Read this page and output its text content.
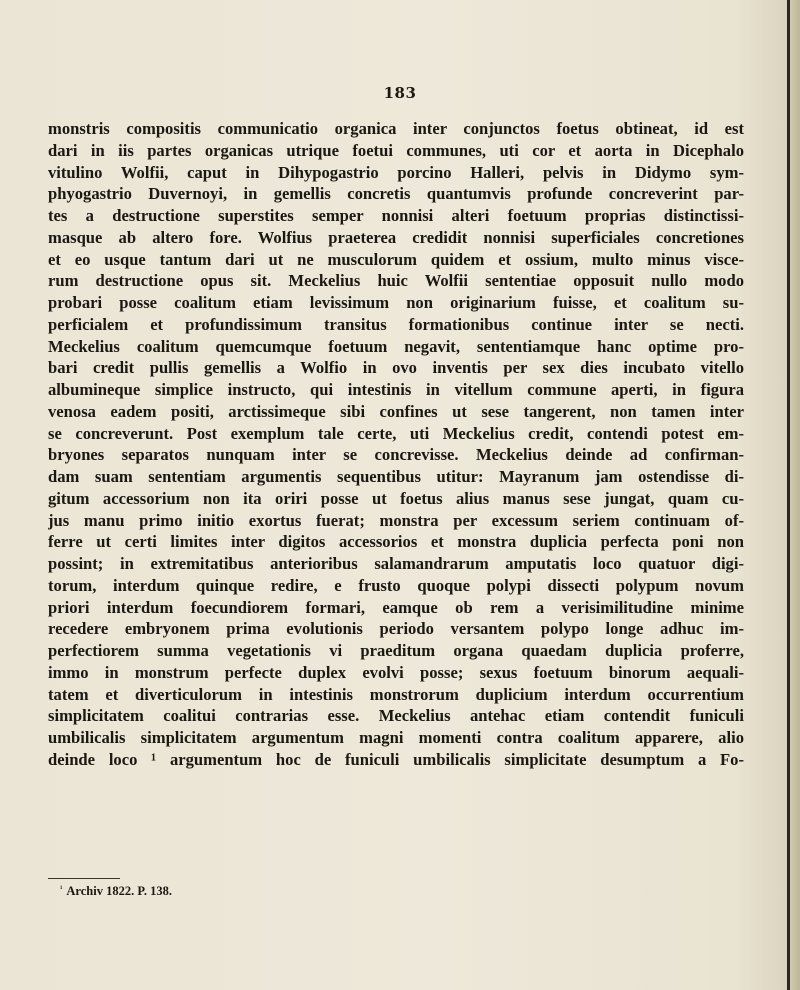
183
monstris compositis communicatio organica inter conjunctos foetus obtineat, id est
dari in iis partes organicas utrique foetui communes, uti cor et aorta in Dicephalo
vitulino Wolfii, caput in Dihypogastrio porcino Halleri, pelvis in Didymo sym-
phyogastrio Duvernoyi, in gemellis concretis quantumvis profunde concreverint par-
tes a destructione superstites semper nonnisi alteri foetuum proprias distinctissi-
masque ab altero fore. Wolfius praeterea credidit nonnisi superficiales concretiones
et eo usque tantum dari ut ne musculorum quidem et ossium, multo minus visce-
rum destructione opus sit. Meckelius huic Wolfii sententiae opposuit nullo modo
probari posse coalitum etiam levissimum non originarium fuisse, et coalitum su-
perficialem et profundissimum transitus formationibus continue inter se necti.
Meckelius coalitum quemcumque foetuum negavit, sententiamque hanc optime pro-
bari credit pullis gemellis a Wolfio in ovo inventis per sex dies incubato vitello
albumineque simplice instructo, qui intestinis in vitellum commune aperti, in figura
venosa eadem positi, arctissimeque sibi confines ut sese tangerent, non tamen inter
se concreverunt. Post exemplum tale certe, uti Meckelius credit, contendi potest em-
bryones separatos nunquam inter se concrevisse. Meckelius deinde ad confirman-
dam suam sententiam argumentis sequentibus utitur: Mayranum jam ostendisse di-
gitum accessorium non ita oriri posse ut foetus alius manus sese jungat, quam cu-
jus manu primo initio exortus fuerat; monstra per excessum seriem continuam of-
ferre ut certi limites inter digitos accessorios et monstra duplicia perfecta poni non
possint; in extremitatibus anterioribus salamandrarum amputatis loco quatuor digi-
torum, interdum quinque redire, e frusto quoque polypi dissecti polypum novum
priori interdum foecundiorem formari, eamque ob rem a verisimilitudine minime
recedere embryonem prima evolutionis periodo versantem polypo longe adhuc im-
perfectiorem summa vegetationis vi praeditum organa quaedam duplicia proferre,
immo in monstrum perfecte duplex evolvi posse; sexus foetuum binorum aequali-
tatem et diverticulorum in intestinis monstrorum duplicium interdum occurrentium
simplicitatem coalitui contrarias esse. Meckelius antehac etiam contendit funiculi
umbilicalis simplicitatem argumentum magni momenti contra coalitum apparere, alio
deinde loco ¹ argumentum hoc de funiculi umbilicalis simplicitate desumptum a Fo-
$^{^1}$ Archiv 1822. P. 138.
